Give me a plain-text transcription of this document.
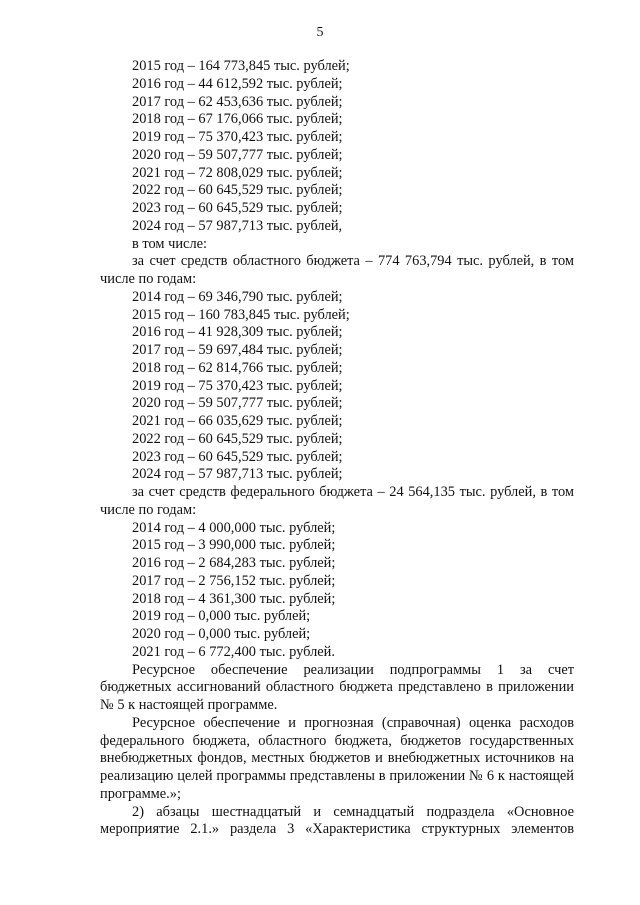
5
2015 год – 164 773,845 тыс. рублей;
2016 год – 44 612,592 тыс. рублей;
2017 год – 62 453,636 тыс. рублей;
2018 год – 67 176,066 тыс. рублей;
2019 год – 75 370,423 тыс. рублей;
2020 год – 59 507,777 тыс. рублей;
2021 год – 72 808,029 тыс. рублей;
2022 год – 60 645,529 тыс. рублей;
2023 год – 60 645,529 тыс. рублей;
2024 год – 57 987,713 тыс. рублей,
в том числе:

за счет средств областного бюджета – 774 763,794 тыс. рублей, в том числе по годам:

2014 год – 69 346,790 тыс. рублей;
2015 год – 160 783,845 тыс. рублей;
2016 год – 41 928,309 тыс. рублей;
2017 год – 59 697,484 тыс. рублей;
2018 год – 62 814,766 тыс. рублей;
2019 год – 75 370,423 тыс. рублей;
2020 год – 59 507,777 тыс. рублей;
2021 год – 66 035,629 тыс. рублей;
2022 год – 60 645,529 тыс. рублей;
2023 год – 60 645,529 тыс. рублей;
2024 год – 57 987,713 тыс. рублей;

за счет средств федерального бюджета – 24 564,135 тыс. рублей, в том числе по годам:

2014 год – 4 000,000 тыс. рублей;
2015 год – 3 990,000 тыс. рублей;
2016 год – 2 684,283 тыс. рублей;
2017 год – 2 756,152 тыс. рублей;
2018 год – 4 361,300 тыс. рублей;
2019 год – 0,000 тыс. рублей;
2020 год – 0,000 тыс. рублей;
2021 год – 6 772,400 тыс. рублей.

Ресурсное обеспечение реализации подпрограммы 1 за счет бюджетных ассигнований областного бюджета представлено в приложении № 5 к настоящей программе.

Ресурсное обеспечение и прогнозная (справочная) оценка расходов федерального бюджета, областного бюджета, бюджетов государственных внебюджетных фондов, местных бюджетов и внебюджетных источников на реализацию целей программы представлены в приложении № 6 к настоящей программе.»;

2) абзацы шестнадцатый и семнадцатый подраздела «Основное мероприятие 2.1.» раздела 3 «Характеристика структурных элементов
